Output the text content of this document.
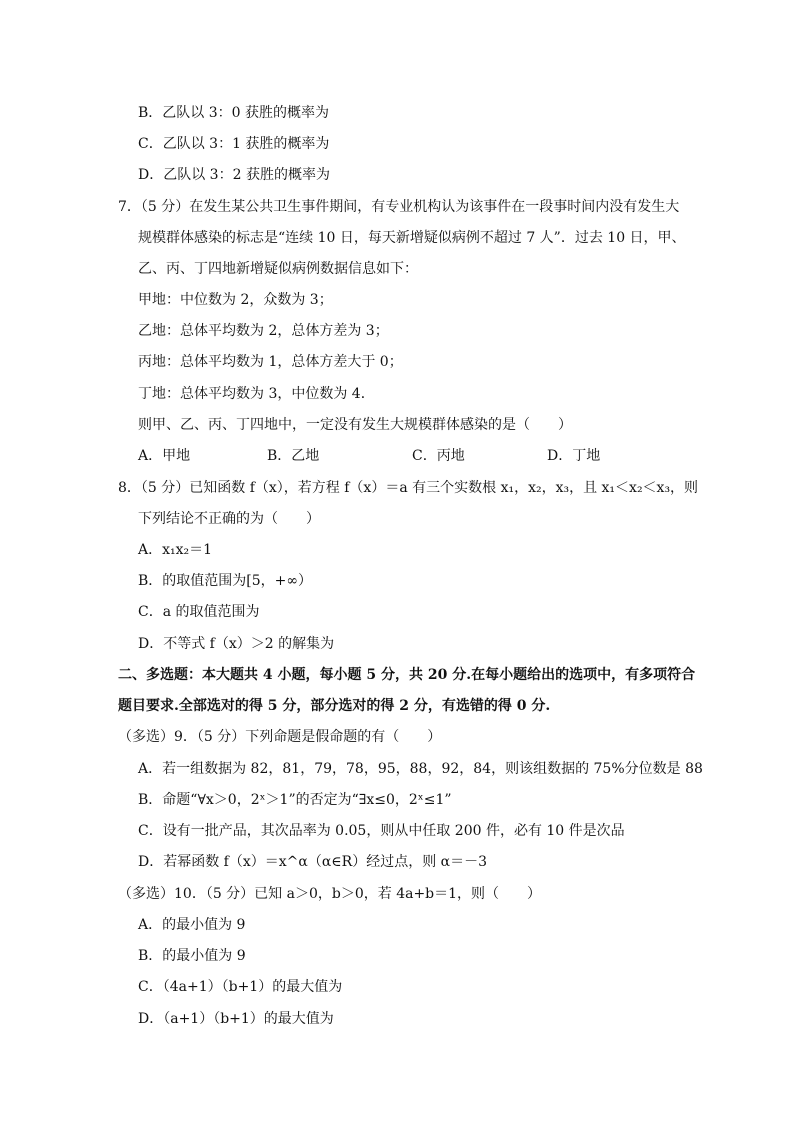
B．乙队以 3：0 获胜的概率为
C．乙队以 3：1 获胜的概率为
D．乙队以 3：2 获胜的概率为
7．（5 分）在发生某公共卫生事件期间，有专业机构认为该事件在一段事时间内没有发生大
规模群体感染的标志是“连续 10 日，每天新增疑似病例不超过 7 人”．过去 10 日，甲、
乙、丙、丁四地新增疑似病例数据信息如下：
甲地：中位数为 2，众数为 3；
乙地：总体平均数为 2，总体方差为 3；
丙地：总体平均数为 1，总体方差大于 0；
丁地：总体平均数为 3，中位数为 4．
则甲、乙、丙、丁四地中，一定没有发生大规模群体感染的是（　　）
A．甲地	B．乙地	C．丙地	D．丁地
8．（5 分）已知函数 f（x），若方程 f（x）＝a 有三个实数根 x₁，x₂，x₃，且 x₁＜x₂＜x₃，则
下列结论不正确的为（　　）
A．x₁x₂＝1
B．的取值范围为[5，+∞）
C．a 的取值范围为
D．不等式 f（x）＞2 的解集为
二、多选题：本大题共 4 小题，每小题 5 分，共 20 分.在每小题给出的选项中，有多项符合
题目要求.全部选对的得 5 分，部分选对的得 2 分，有选错的得 0 分.
（多选）9．（5 分）下列命题是假命题的有（　　）
A．若一组数据为 82，81，79，78，95，88，92，84，则该组数据的 75%分位数是 88
B．命题“∀x＞0，2ˣ＞1”的否定为“∃x≤0，2ˣ≤1”
C．设有一批产品，其次品率为 0.05，则从中任取 200 件，必有 10 件是次品
D．若幂函数 f（x）＝x^α（α∈R）经过点，则 α＝－3
（多选）10．（5 分）已知 a＞0，b＞0，若 4a+b＝1，则（　　）
A．的最小值为 9
B．的最小值为 9
C．（4a+1）（b+1）的最大值为
D．（a+1）（b+1）的最大值为
